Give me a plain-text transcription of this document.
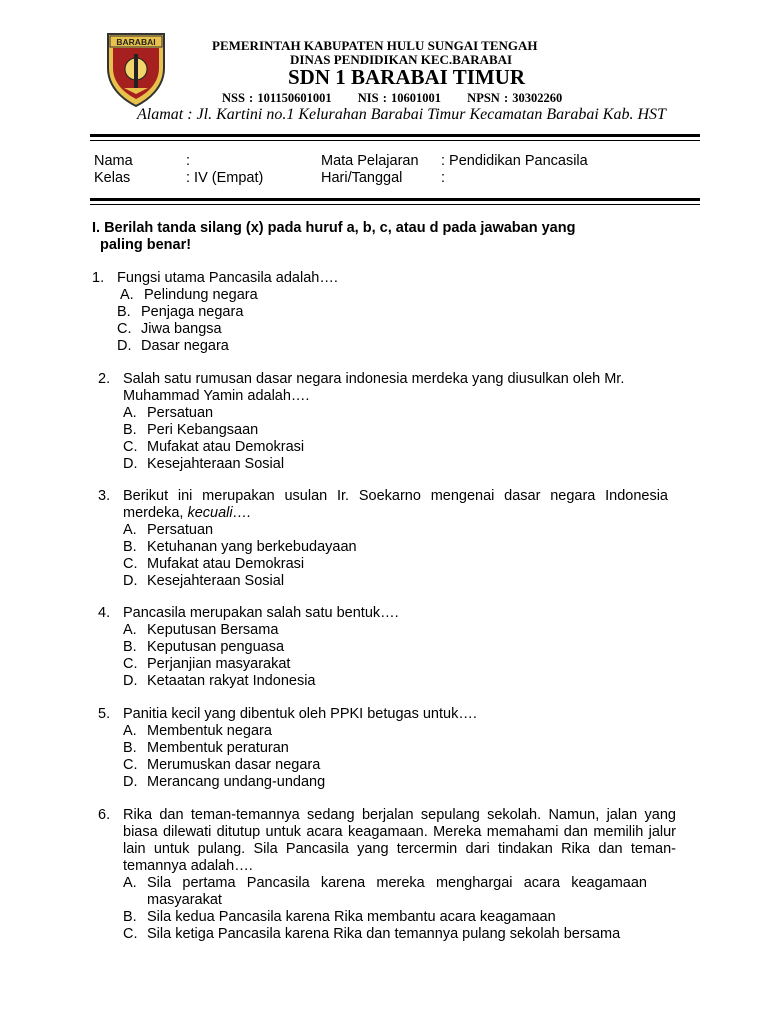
BARABAI	PEMERINTAH KABUPATEN HULU SUNGAI TENGAH
DINAS PENDIDIKAN KEC.BARABAI
SDN 1 BARABAI TIMUR
NSS : 101150601001 NIS : 10601001 NPSN : 30302260
Alamat : Jl. Kartini no.1 Kelurahan Barabai Timur Kecamatan Barabai Kab. HST
Nama	:	Mata Pelajaran : Pendidikan Pancasila
Kelas	: IV (Empat)	Hari/Tanggal	:
I. Berilah tanda silang (x) pada huruf a, b, c, atau d pada jawaban yang
paling benar!
1. Fungsi utama Pancasila adalah….
A. Pelindung negara
B. Penjaga negara
C. Jiwa bangsa
D. Dasar negara
2. Salah satu rumusan dasar negara indonesia merdeka yang diusulkan oleh Mr. Muhammad Yamin adalah….
A. Persatuan
B. Peri Kebangsaan
C. Mufakat atau Demokrasi
D. Kesejahteraan Sosial
3. Berikut ini merupakan usulan Ir. Soekarno mengenai dasar negara Indonesia merdeka, kecuali….
A. Persatuan
B. Ketuhanan yang berkebudayaan
C. Mufakat atau Demokrasi
D. Kesejahteraan Sosial
4. Pancasila merupakan salah satu bentuk….
A. Keputusan Bersama
B. Keputusan penguasa
C. Perjanjian masyarakat
D. Ketaatan rakyat Indonesia
5. Panitia kecil yang dibentuk oleh PPKI betugas untuk….
A. Membentuk negara
B. Membentuk peraturan
C. Merumuskan dasar negara
D. Merancang undang-undang
6. Rika dan teman-temannya sedang berjalan sepulang sekolah. Namun, jalan yang biasa dilewati ditutup untuk acara keagamaan. Mereka memahami dan memilih jalur lain untuk pulang. Sila Pancasila yang tercermin dari tindakan Rika dan teman-temannya adalah….
A. Sila pertama Pancasila karena mereka menghargai acara keagamaan masyarakat
B. Sila kedua Pancasila karena Rika membantu acara keagamaan
C. Sila ketiga Pancasila karena Rika dan temannya pulang sekolah bersama
